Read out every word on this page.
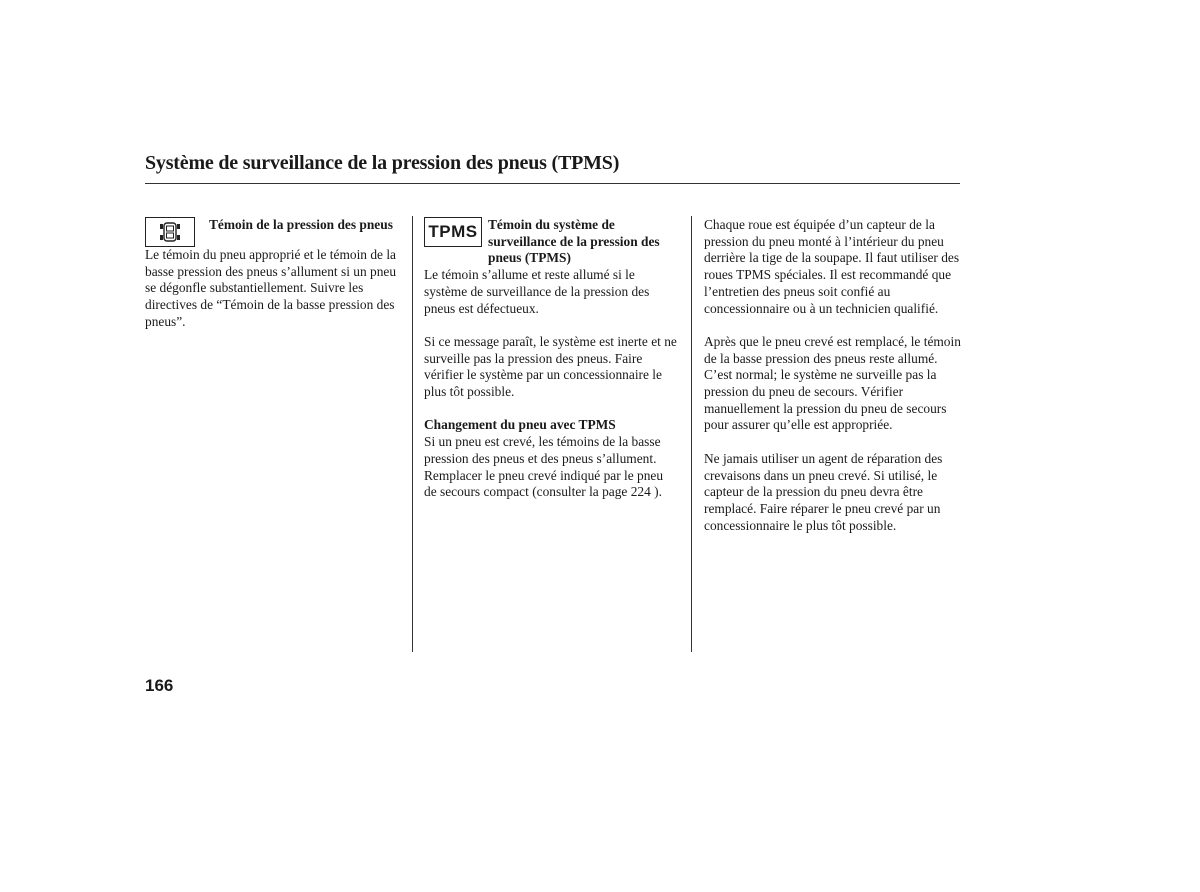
Système de surveillance de la pression des pneus (TPMS)
Témoin de la pression des pneus

Le témoin du pneu approprié et le témoin de la basse pression des pneus s’allument si un pneu se dégonfle substantiellement. Suivre les directives de “Témoin de la basse pression des pneus”.

TPMS Témoin du système de surveillance de la pression des pneus (TPMS)

Le témoin s’allume et reste allumé si le système de surveillance de la pression des pneus est défectueux.

Si ce message paraît, le système est inerte et ne surveille pas la pression des pneus. Faire vérifier le système par un concessionnaire le plus tôt possible.

Changement du pneu avec TPMS

Si un pneu est crevé, les témoins de la basse pression des pneus et des pneus s’allument. Remplacer le pneu crevé indiqué par le pneu de secours compact (consulter la page 224 ).

Chaque roue est équipée d’un capteur de la pression du pneu monté à l’intérieur du pneu derrière la tige de la soupape. Il faut utiliser des roues TPMS spéciales. Il est recommandé que l’entretien des pneus soit confié au concessionnaire ou à un technicien qualifié.

Après que le pneu crevé est remplacé, le témoin de la basse pression des pneus reste allumé. C’est normal; le système ne surveille pas la pression du pneu de secours. Vérifier manuellement la pression du pneu de secours pour assurer qu’elle est appropriée.

Ne jamais utiliser un agent de réparation des crevaisons dans un pneu crevé. Si utilisé, le capteur de la pression du pneu devra être remplacé. Faire réparer le pneu crevé par un concessionnaire le plus tôt possible.

166
